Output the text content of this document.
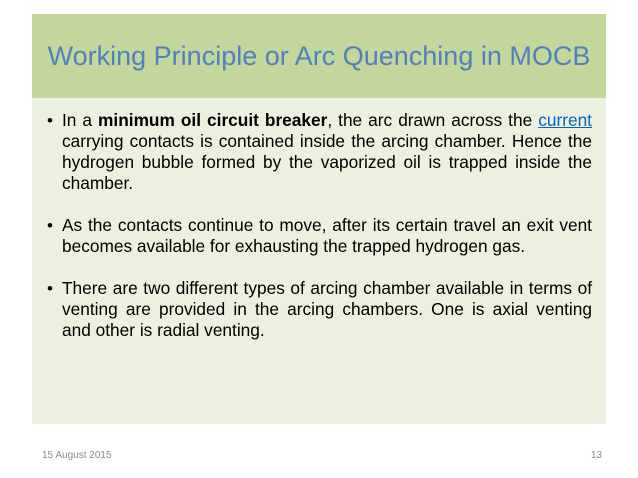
Working Principle or Arc Quenching in MOCB
• In a minimum oil circuit breaker, the arc drawn across the current carrying contacts is contained inside the arcing chamber. Hence the hydrogen bubble formed by the vaporized oil is trapped inside the chamber.
• As the contacts continue to move, after its certain travel an exit vent becomes available for exhausting the trapped hydrogen gas.
• There are two different types of arcing chamber available in terms of venting are provided in the arcing chambers. One is axial venting and other is radial venting.
15 August 2015	13
